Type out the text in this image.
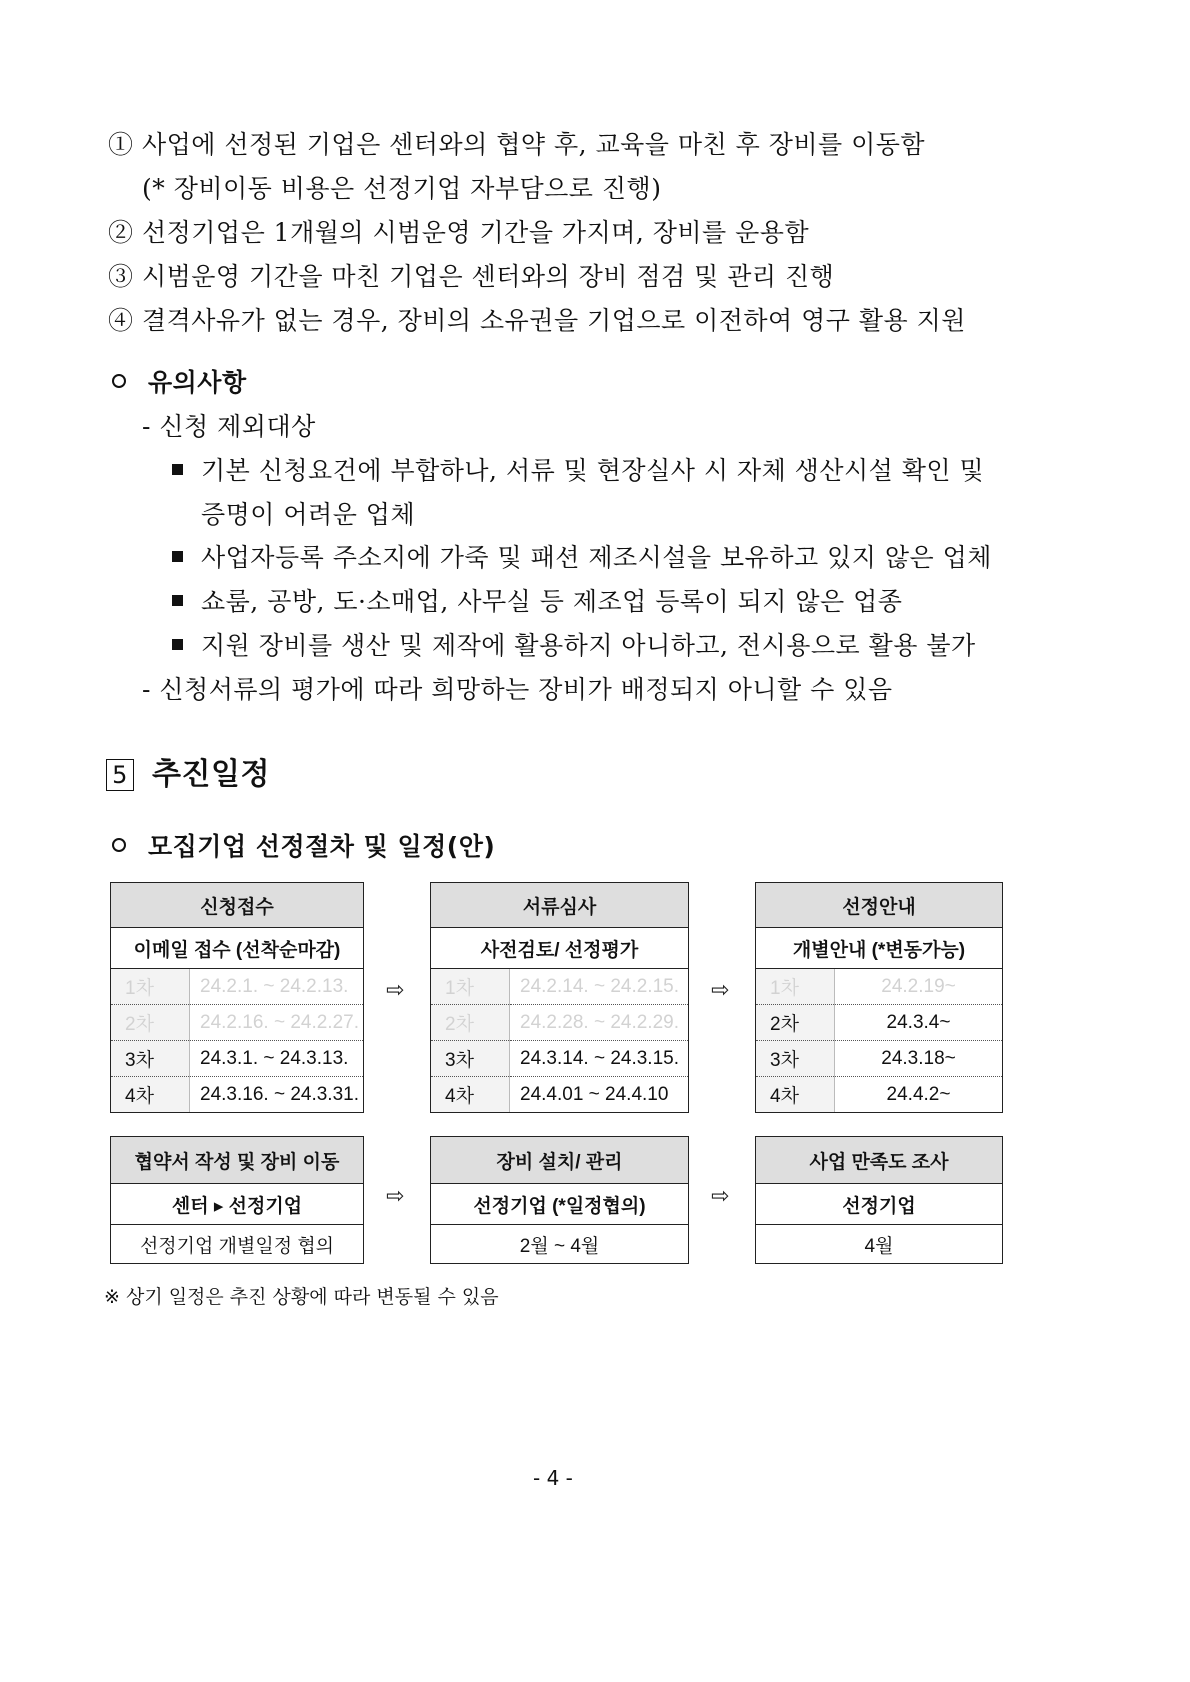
① 사업에 선정된 기업은 센터와의 협약 후, 교육을 마친 후 장비를 이동함
(* 장비이동 비용은 선정기업 자부담으로 진행)
② 선정기업은 1개월의 시범운영 기간을 가지며, 장비를 운용함
③ 시범운영 기간을 마친 기업은 센터와의 장비 점검 및 관리 진행
④ 결격사유가 없는 경우, 장비의 소유권을 기업으로 이전하여 영구 활용 지원
유의사항
- 신청 제외대상
기본 신청요건에 부합하나, 서류 및 현장실사 시 자체 생산시설 확인 및
증명이 어려운 업체
사업자등록 주소지에 가죽 및 패션 제조시설을 보유하고 있지 않은 업체
쇼룸, 공방, 도·소매업, 사무실 등 제조업 등록이 되지 않은 업종
지원 장비를 생산 및 제작에 활용하지 아니하고, 전시용으로 활용 불가
- 신청서류의 평가에 따라 희망하는 장비가 배정되지 아니할 수 있음
5 추진일정
모집기업 선정절차 및 일정(안)
신청접수	
이메일 접수 (선착순마감)	
1차	24.2.1. ~ 24.2.13.
2차	24.2.16. ~ 24.2.27.
3차	24.3.1. ~ 24.3.13.
4차	24.3.16. ~ 24.3.31.
⇨
서류심사	
사전검토/ 선정평가	
1차	24.2.14. ~ 24.2.15.
2차	24.2.28. ~ 24.2.29.
3차	24.3.14. ~ 24.3.15.
4차	24.4.01 ~ 24.4.10
⇨
선정안내	
개별안내 (*변동가능)	
1차	24.2.19~
2차	24.3.4~
3차	24.3.18~
4차	24.4.2~
협약서 작성 및 장비 이동
센터 ▸ 선정기업
선정기업 개별일정 협의
⇨
장비 설치/ 관리
선정기업 (*일정협의)
2월 ~ 4월
⇨
사업 만족도 조사
선정기업
4월
※ 상기 일정은 추진 상황에 따라 변동될 수 있음
- 4 -
